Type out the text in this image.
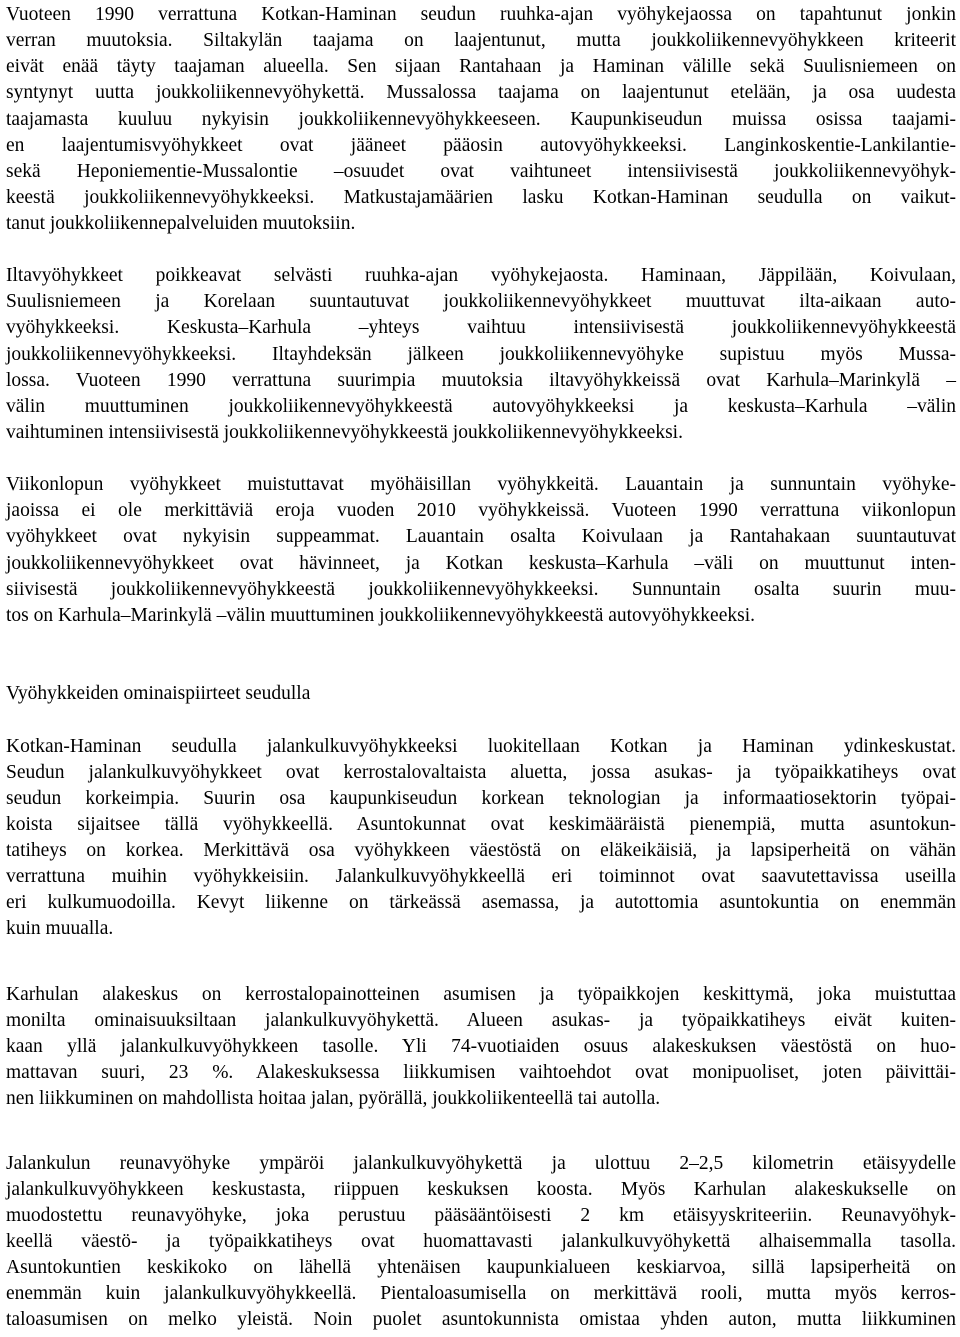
Vuoteen 1990 verrattuna Kotkan-Haminan seudun ruuhka-ajan vyöhykejaossa on tapahtunut jonkin
verran muutoksia. Siltakylän taajama on laajentunut, mutta joukkoliikennevyöhykkeen kriteerit
eivät enää täyty taajaman alueella. Sen sijaan Rantahaan ja Haminan välille sekä Suulisniemeen on
syntynyt uutta joukkoliikennevyöhykettä. Mussalossa taajama on laajentunut etelään, ja osa uudesta
taajamasta kuuluu nykyisin joukkoliikennevyöhykkeeseen. Kaupunkiseudun muissa osissa taajami-
en laajentumisvyöhykkeet ovat jääneet pääosin autovyöhykkeeksi. Langinkoskentie-Lankilantie-
sekä Heponiementie-Mussalontie –osuudet ovat vaihtuneet intensiivisestä joukkoliikennevyöhyk-
keestä joukkoliikennevyöhykkeeksi. Matkustajamäärien lasku Kotkan-Haminan seudulla on vaikut-
tanut joukkoliikennepalveluiden muutoksiin.
Iltavyöhykkeet poikkeavat selvästi ruuhka-ajan vyöhykejaosta. Haminaan, Jäppilään, Koivulaan,
Suulisniemeen ja Korelaan suuntautuvat joukkoliikennevyöhykkeet muuttuvat ilta-aikaan auto-
vyöhykkeeksi. Keskusta–Karhula –yhteys vaihtuu intensiivisestä joukkoliikennevyöhykkeestä
joukkoliikennevyöhykkeeksi. Iltayhdeksän jälkeen joukkoliikennevyöhyke supistuu myös Mussa-
lossa. Vuoteen 1990 verrattuna suurimpia muutoksia iltavyöhykkeissä ovat Karhula–Marinkylä –
välin muuttuminen joukkoliikennevyöhykkeestä autovyöhykkeeksi ja keskusta–Karhula –välin
vaihtuminen intensiivisestä joukkoliikennevyöhykkeestä joukkoliikennevyöhykkeeksi.
Viikonlopun vyöhykkeet muistuttavat myöhäisillan vyöhykkeitä. Lauantain ja sunnuntain vyöhyke-
jaoissa ei ole merkittäviä eroja vuoden 2010 vyöhykkeissä. Vuoteen 1990 verrattuna viikonlopun
vyöhykkeet ovat nykyisin suppeammat. Lauantain osalta Koivulaan ja Rantahakaan suuntautuvat
joukkoliikennevyöhykkeet ovat hävinneet, ja Kotkan keskusta–Karhula –väli on muuttunut inten-
siivisestä joukkoliikennevyöhykkeestä joukkoliikennevyöhykkeeksi. Sunnuntain osalta suurin muu-
tos on Karhula–Marinkylä –välin muuttuminen joukkoliikennevyöhykkeestä autovyöhykkeeksi.
Vyöhykkeiden ominaispiirteet seudulla
Kotkan-Haminan seudulla jalankulkuvyöhykkeeksi luokitellaan Kotkan ja Haminan ydinkeskustat.
Seudun jalankulkuvyöhykkeet ovat kerrostalovaltaista aluetta, jossa asukas- ja työpaikkatiheys ovat
seudun korkeimpia. Suurin osa kaupunkiseudun korkean teknologian ja informaatiosektorin työpai-
koista sijaitsee tällä vyöhykkeellä. Asuntokunnat ovat keskimääräistä pienempiä, mutta asuntokun-
tatiheys on korkea. Merkittävä osa vyöhykkeen väestöstä on eläkeikäisiä, ja lapsiperheitä on vähän
verrattuna muihin vyöhykkeisiin. Jalankulkuvyöhykkeellä eri toiminnot ovat saavutettavissa useilla
eri kulkumuodoilla. Kevyt liikenne on tärkeässä asemassa, ja autottomia asuntokuntia on enemmän
kuin muualla.
Karhulan alakeskus on kerrostalopainotteinen asumisen ja työpaikkojen keskittymä, joka muistuttaa
monilta ominaisuuksiltaan jalankulkuvyöhykettä. Alueen asukas- ja työpaikkatiheys eivät kuiten-
kaan yllä jalankulkuvyöhykkeen tasolle. Yli 74-vuotiaiden osuus alakeskuksen väestöstä on huo-
mattavan suuri, 23 %. Alakeskuksessa liikkumisen vaihtoehdot ovat monipuoliset, joten päivittäi-
nen liikkuminen on mahdollista hoitaa jalan, pyörällä, joukkoliikenteellä tai autolla.
Jalankulun reunavyöhyke ympäröi jalankulkuvyöhykettä ja ulottuu 2–2,5 kilometrin etäisyydelle
jalankulkuvyöhykkeen keskustasta, riippuen keskuksen koosta. Myös Karhulan alakeskukselle on
muodostettu reunavyöhyke, joka perustuu pääsääntöisesti 2 km etäisyyskriteeriin. Reunavyöhyk-
keellä väestö- ja työpaikkatiheys ovat huomattavasti jalankulkuvyöhykettä alhaisemmalla tasolla.
Asuntokuntien keskikoko on lähellä yhtenäisen kaupunkialueen keskiarvoa, sillä lapsiperheitä on
enemmän kuin jalankulkuvyöhykkeellä. Pientaloasumisella on merkittävä rooli, mutta myös kerros-
taloasumisen on melko yleistä. Noin puolet asuntokunnista omistaa yhden auton, mutta liikkuminen
